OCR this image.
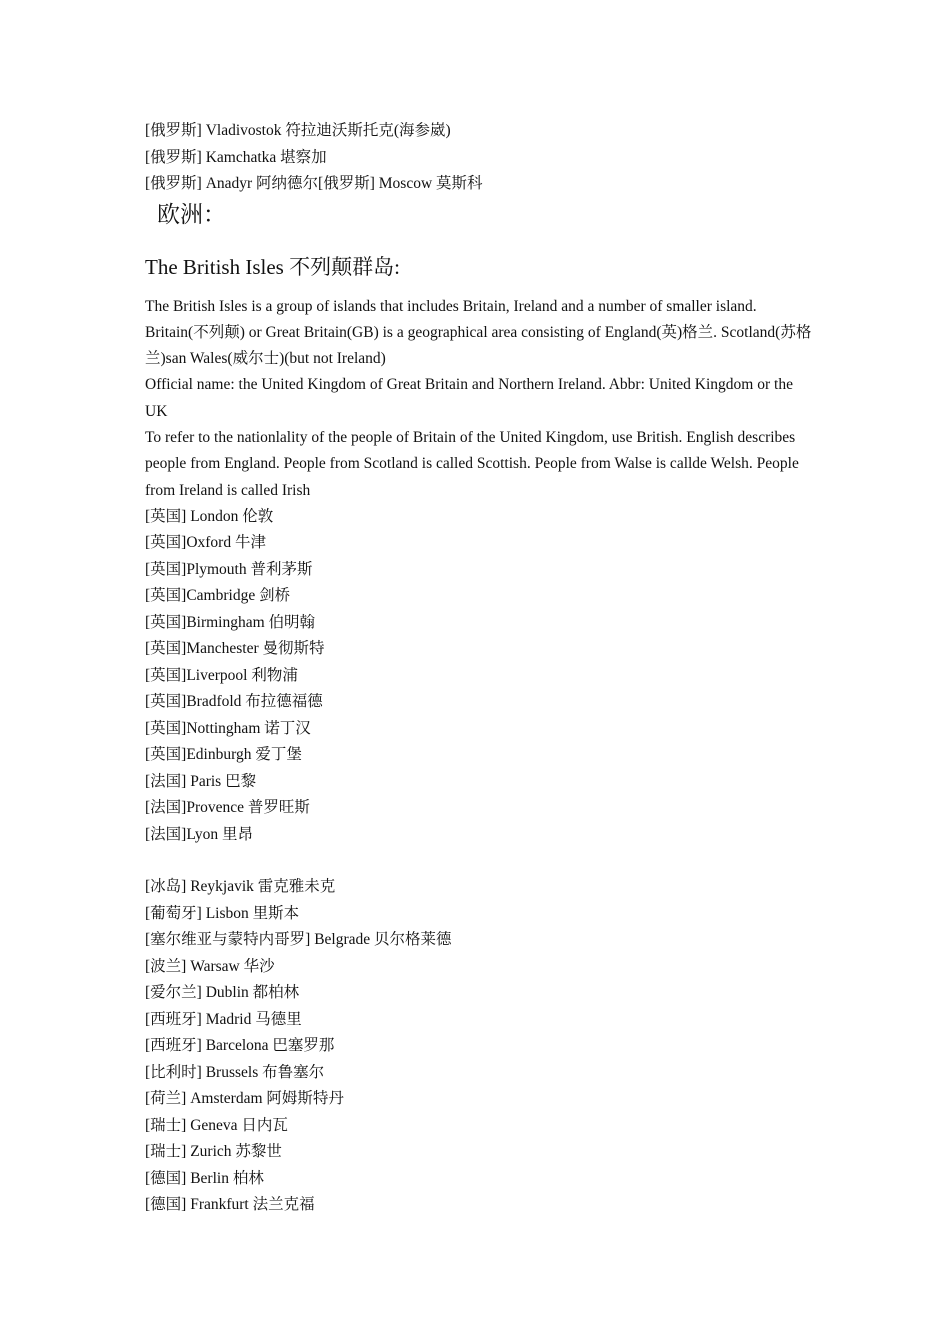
[俄罗斯] Vladivostok 符拉迪沃斯托克(海参崴)
[俄罗斯] Kamchatka 堪察加
[俄罗斯] Anadyr 阿纳德尔[俄罗斯] Moscow 莫斯科
欧洲：
The British Isles 不列颠群岛:
The British Isles is a group of islands that includes Britain, Ireland and a number of smaller island. Britain(不列颠) or Great Britain(GB) is a geographical area consisting of England(英)格兰. Scotland(苏格兰)san Wales(威尔士)(but not Ireland)
Official name: the United Kingdom of Great Britain and Northern Ireland. Abbr: United Kingdom or the UK
To refer to the nationlality of the people of Britain of the United Kingdom, use British. English describes people from England. People from Scotland is called Scottish. People from Walse is callde Welsh. People from Ireland is called Irish
[英国] London 伦敦
[英国]Oxford 牛津
[英国]Plymouth 普利茅斯
[英国]Cambridge 剑桥
[英国]Birmingham 伯明翰
[英国]Manchester 曼彻斯特
[英国]Liverpool 利物浦
[英国]Bradfold 布拉德福德
[英国]Nottingham 诺丁汉
[英国]Edinburgh 爱丁堡
[法国] Paris 巴黎
[法国]Provence 普罗旺斯
[法国]Lyon 里昂
[冰岛] Reykjavik 雷克雅未克
[葡萄牙] Lisbon 里斯本
[塞尔维亚与蒙特内哥罗] Belgrade 贝尔格莱德
[波兰] Warsaw 华沙
[爱尔兰] Dublin 都柏林
[西班牙] Madrid 马德里
[西班牙] Barcelona 巴塞罗那
[比利时] Brussels 布鲁塞尔
[荷兰] Amsterdam 阿姆斯特丹
[瑞士] Geneva 日内瓦
[瑞士] Zurich 苏黎世
[德国] Berlin 柏林
[德国] Frankfurt 法兰克福
